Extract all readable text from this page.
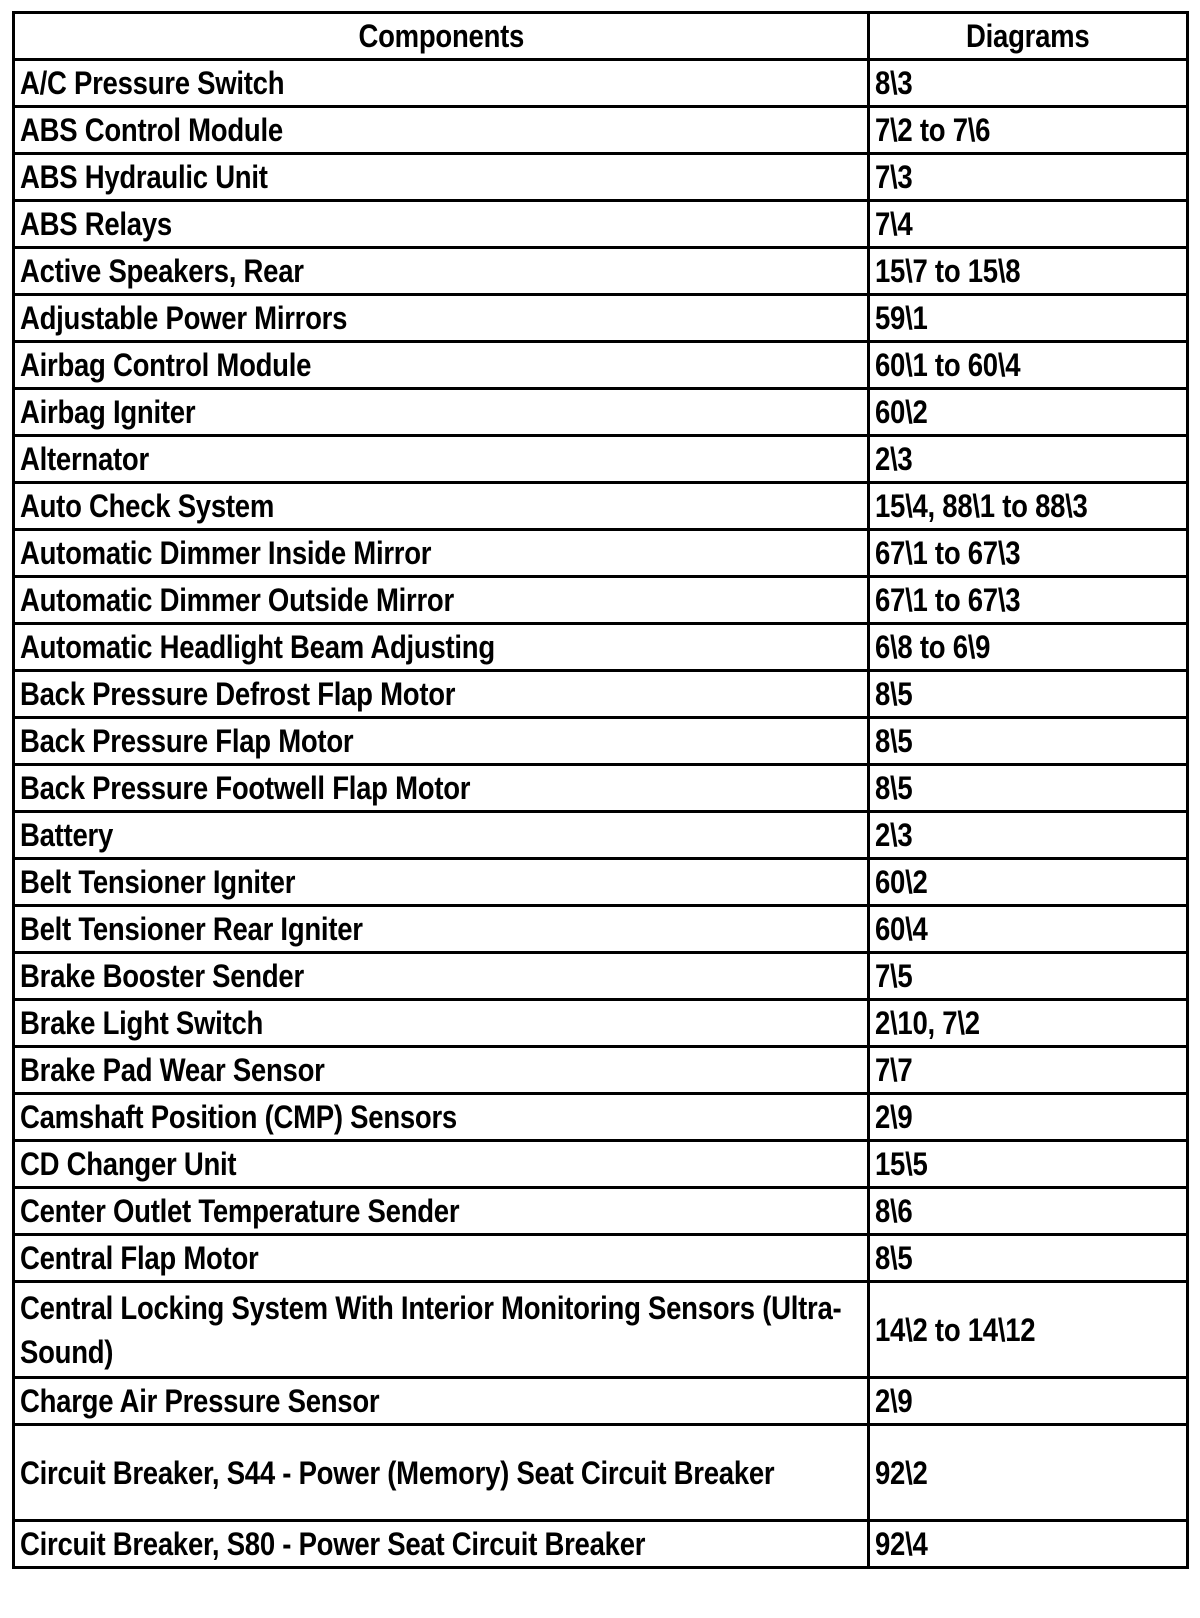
Components	Diagrams
A/C Pressure Switch	8\3
ABS Control Module	7\2 to 7\6
ABS Hydraulic Unit	7\3
ABS Relays	7\4
Active Speakers, Rear	15\7 to 15\8
Adjustable Power Mirrors	59\1
Airbag Control Module	60\1 to 60\4
Airbag Igniter	60\2
Alternator	2\3
Auto Check System	15\4, 88\1 to 88\3
Automatic Dimmer Inside Mirror	67\1 to 67\3
Automatic Dimmer Outside Mirror	67\1 to 67\3
Automatic Headlight Beam Adjusting	6\8 to 6\9
Back Pressure Defrost Flap Motor	8\5
Back Pressure Flap Motor	8\5
Back Pressure Footwell Flap Motor	8\5
Battery	2\3
Belt Tensioner Igniter	60\2
Belt Tensioner Rear Igniter	60\4
Brake Booster Sender	7\5
Brake Light Switch	2\10, 7\2
Brake Pad Wear Sensor	7\7
Camshaft Position (CMP) Sensors	2\9
CD Changer Unit	15\5
Center Outlet Temperature Sender	8\6
Central Flap Motor	8\5
Central Locking System With Interior Monitoring Sensors (Ultra-Sound)	14\2 to 14\12
Charge Air Pressure Sensor	2\9
Circuit Breaker, S44 - Power (Memory) Seat Circuit Breaker	92\2
Circuit Breaker, S80 - Power Seat Circuit Breaker	92\4
